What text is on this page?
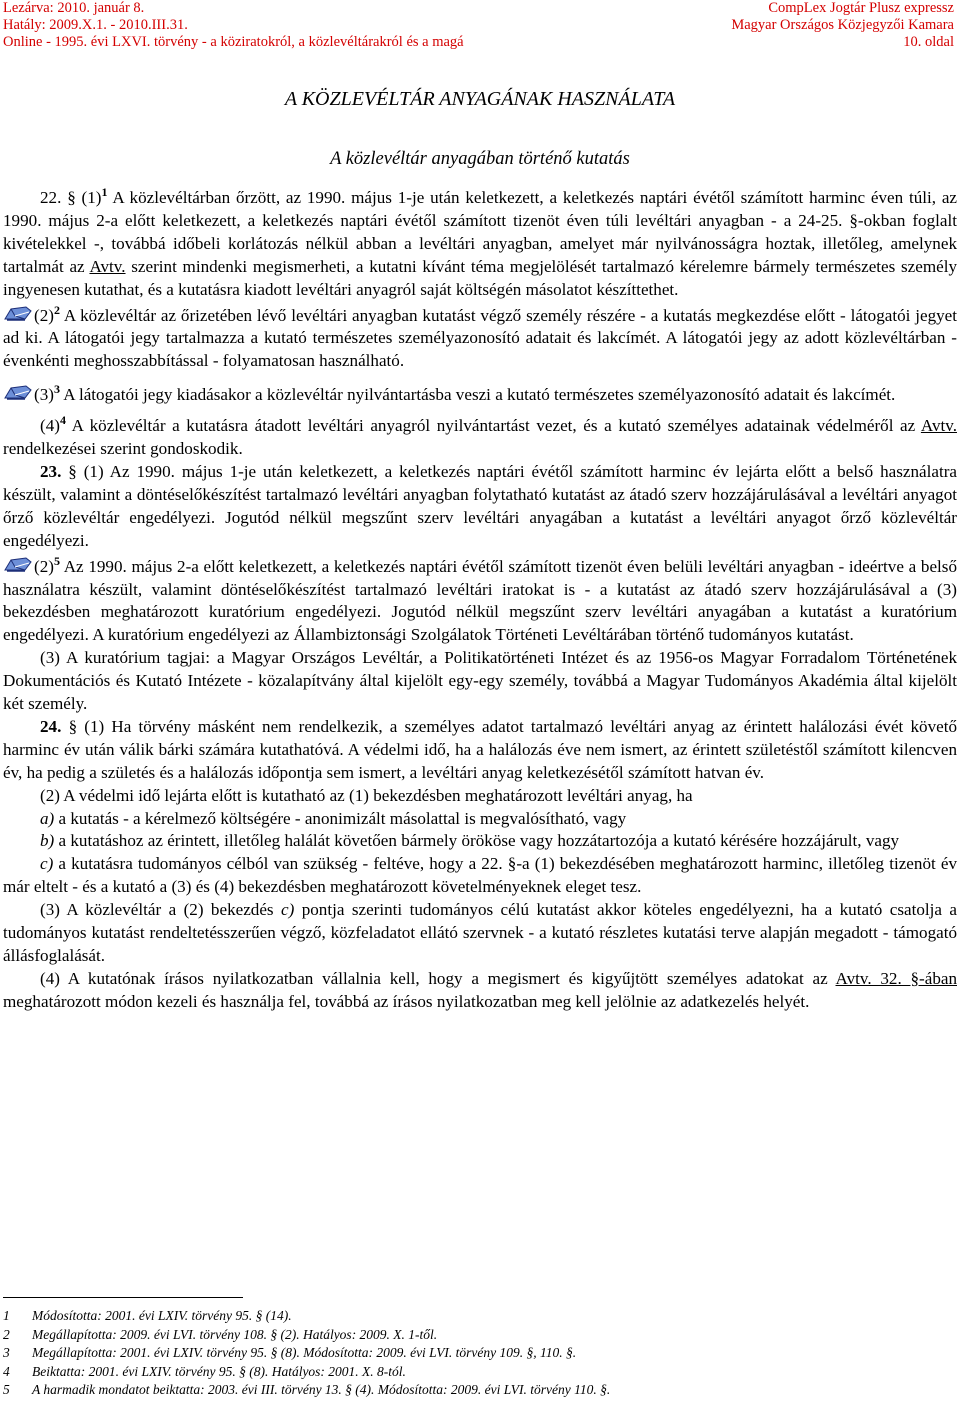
Lezárva: 2010. január 8.	CompLex Jogtár Plusz expressz
Hatály: 2009.X.1. - 2010.III.31.	Magyar Országos Közjegyzői Kamara
Online - 1995. évi LXVI. törvény - a köziratokról, a közlevéltárakról és a magá	10. oldal
A KÖZLEVÉLTÁR ANYAGÁNAK HASZNÁLATA
A közlevéltár anyagában történő kutatás

22. § $(1)^1$ A közlevéltárban őrzött, az 1990. május 1-je után keletkezett, a keletkezés naptári évétől számított harminc éven túli, az 1990. május 2-a előtt keletkezett, a keletkezés naptári évétől számított tizenöt éven túli levéltári anyagban - a 24-25. §-okban foglalt kivételekkel -, továbbá időbeli korlátozás nélkül abban a levéltári anyagban, amelyet már nyilvánosságra hoztak, illetőleg, amelynek tartalmát az Avtv. szerint mindenki megismerheti, a kutatni kívánt téma megjelölését tartalmazó kérelemre bármely természetes személy ingyenesen kutathat, és a kutatásra kiadott levéltári anyagról saját költségén másolatot készíttethet.

$(2)^2$ A közlevéltár az őrizetében lévő levéltári anyagban kutatást végző személy részére - a kutatás megkezdése előtt - látogatói jegyet ad ki. A látogatói jegy tartalmazza a kutató természetes személyazonosító adatait és lakcímét. A látogatói jegy az adott közlevéltárban - évenkénti meghosszabbítással - folyamatosan használható.

$(3)^3$ A látogatói jegy kiadásakor a közlevéltár nyilvántartásba veszi a kutató természetes személyazonosító adatait és lakcímét.

$(4)^4$ A közlevéltár a kutatásra átadott levéltári anyagról nyilvántartást vezet, és a kutató személyes adatainak védelméről az Avtv. rendelkezései szerint gondoskodik.

23. § (1) Az 1990. május 1-je után keletkezett, a keletkezés naptári évétől számított harminc év lejárta előtt a belső használatra készült, valamint a döntéselőkészítést tartalmazó levéltári anyagban folytatható kutatást az átadó szerv hozzájárulásával a levéltári anyagot őrző közlevéltár engedélyezi. Jogutód nélkül megszűnt szerv levéltári anyagában a kutatást a levéltári anyagot őrző közlevéltár engedélyezi.

$(2)^5$ Az 1990. május 2-a előtt keletkezett, a keletkezés naptári évétől számított tizenöt éven belüli levéltári anyagban - ideértve a belső használatra készült, valamint döntéselőkészítést tartalmazó levéltári iratokat is - a kutatást az átadó szerv hozzájárulásával a (3) bekezdésben meghatározott kuratórium engedélyezi. Jogutód nélkül megszűnt szerv levéltári anyagában a kutatást a kuratórium engedélyezi. A kuratórium engedélyezi az Állambiztonsági Szolgálatok Történeti Levéltárában történő tudományos kutatást.

(3) A kuratórium tagjai: a Magyar Országos Levéltár, a Politikatörténeti Intézet és az 1956-os Magyar Forradalom Történetének Dokumentációs és Kutató Intézete - közalapítvány által kijelölt egy-egy személy, továbbá a Magyar Tudományos Akadémia által kijelölt két személy.

24. § (1) Ha törvény másként nem rendelkezik, a személyes adatot tartalmazó levéltári anyag az érintett halálozási évét követő harminc év után válik bárki számára kutathatóvá. A védelmi idő, ha a halálozás éve nem ismert, az érintett születéstől számított kilencven év, ha pedig a születés és a halálozás időpontja sem ismert, a levéltári anyag keletkezésétől számított hatvan év.

(2) A védelmi idő lejárta előtt is kutatható az (1) bekezdésben meghatározott levéltári anyag, ha

a) a kutatás - a kérelmező költségére - anonimizált másolattal is megvalósítható, vagy

b) a kutatáshoz az érintett, illetőleg halálát követően bármely örököse vagy hozzátartozója a kutató kérésére hozzájárult, vagy

c) a kutatásra tudományos célból van szükség - feltéve, hogy a 22. §-a (1) bekezdésében meghatározott harminc, illetőleg tizenöt év már eltelt - és a kutató a (3) és (4) bekezdésben meghatározott követelményeknek eleget tesz.

(3) A közlevéltár a (2) bekezdés c) pontja szerinti tudományos célú kutatást akkor köteles engedélyezni, ha a kutató csatolja a tudományos kutatást rendeltetésszerűen végző, közfeladatot ellátó szervnek - a kutató részletes kutatási terve alapján megadott - támogató állásfoglalását.

(4) A kutatónak írásos nyilatkozatban vállalnia kell, hogy a megismert és kigyűjtött személyes adatokat az Avtv. 32. §-ában meghatározott módon kezeli és használja fel, továbbá az írásos nyilatkozatban meg kell jelölnie az adatkezelés helyét.

1 Módosította: 2001. évi LXIV. törvény 95. § (14).
2 Megállapította: 2009. évi LVI. törvény 108. § (2). Hatályos: 2009. X. 1-től.
3 Megállapította: 2001. évi LXIV. törvény 95. § (8). Módosította: 2009. évi LVI. törvény 109. §, 110. §.
4 Beiktatta: 2001. évi LXIV. törvény 95. § (8). Hatályos: 2001. X. 8-tól.
5 A harmadik mondatot beiktatta: 2003. évi III. törvény 13. § (4). Módosította: 2009. évi LVI. törvény 110. §.
